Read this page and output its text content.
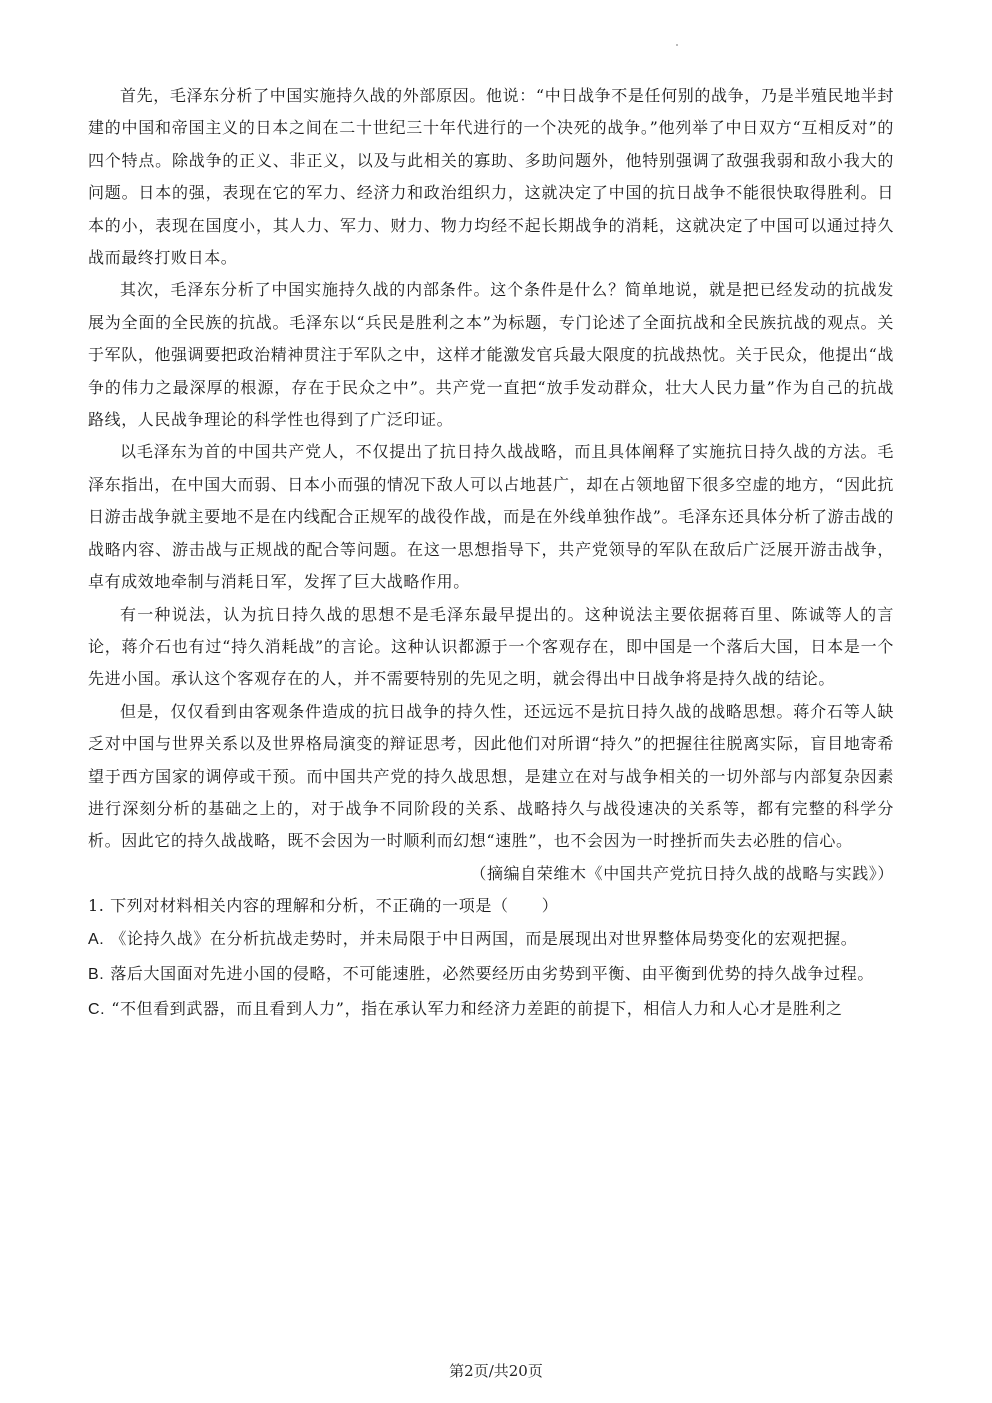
首先，毛泽东分析了中国实施持久战的外部原因。他说：“中日战争不是任何别的战争，乃是半殖民地半封建的中国和帝国主义的日本之间在二十世纪三十年代进行的一个决死的战争。”他列举了中日双方“互相反对”的四个特点。除战争的正义、非正义，以及与此相关的寡助、多助问题外，他特别强调了敌强我弱和敌小我大的问题。日本的强，表现在它的军力、经济力和政治组织力，这就决定了中国的抗日战争不能很快取得胜利。日本的小，表现在国度小，其人力、军力、财力、物力均经不起长期战争的消耗，这就决定了中国可以通过持久战而最终打败日本。

其次，毛泽东分析了中国实施持久战的内部条件。这个条件是什么？简单地说，就是把已经发动的抗战发展为全面的全民族的抗战。毛泽东以“兵民是胜利之本”为标题，专门论述了全面抗战和全民族抗战的观点。关于军队，他强调要把政治精神贯注于军队之中，这样才能激发官兵最大限度的抗战热忱。关于民众，他提出“战争的伟力之最深厚的根源，存在于民众之中”。共产党一直把“放手发动群众，壮大人民力量”作为自己的抗战路线，人民战争理论的科学性也得到了广泛印证。

以毛泽东为首的中国共产党人，不仅提出了抗日持久战战略，而且具体阐释了实施抗日持久战的方法。毛泽东指出，在中国大而弱、日本小而强的情况下敌人可以占地甚广，却在占领地留下很多空虚的地方，“因此抗日游击战争就主要地不是在内线配合正规军的战役作战，而是在外线单独作战”。毛泽东还具体分析了游击战的战略内容、游击战与正规战的配合等问题。在这一思想指导下，共产党领导的军队在敌后广泛展开游击战争，卓有成效地牵制与消耗日军，发挥了巨大战略作用。

有一种说法，认为抗日持久战的思想不是毛泽东最早提出的。这种说法主要依据蒋百里、陈诚等人的言论，蒋介石也有过“持久消耗战”的言论。这种认识都源于一个客观存在，即中国是一个落后大国，日本是一个先进小国。承认这个客观存在的人，并不需要特别的先见之明，就会得出中日战争将是持久战的结论。

但是，仅仅看到由客观条件造成的抗日战争的持久性，还远远不是抗日持久战的战略思想。蒋介石等人缺乏对中国与世界关系以及世界格局演变的辩证思考，因此他们对所谓“持久”的把握往往脱离实际，盲目地寄希望于西方国家的调停或干预。而中国共产党的持久战思想，是建立在对与战争相关的一切外部与内部复杂因素进行深刻分析的基础之上的，对于战争不同阶段的关系、战略持久与战役速决的关系等，都有完整的科学分析。因此它的持久战战略，既不会因为一时顺利而幻想“速胜”，也不会因为一时挫折而失去必胜的信心。

（摘编自荣维木《中国共产党抗日持久战的战略与实践》）

1. 下列对材料相关内容的理解和分析，不正确的一项是（　　）

A. 《论持久战》在分析抗战走势时，并未局限于中日两国，而是展现出对世界整体局势变化的宏观把握。

B. 落后大国面对先进小国的侵略，不可能速胜，必然要经历由劣势到平衡、由平衡到优势的持久战争过程。

C. “不但看到武器，而且看到人力”，指在承认军力和经济力差距的前提下，相信人力和人心才是胜利之

第2页/共20页
